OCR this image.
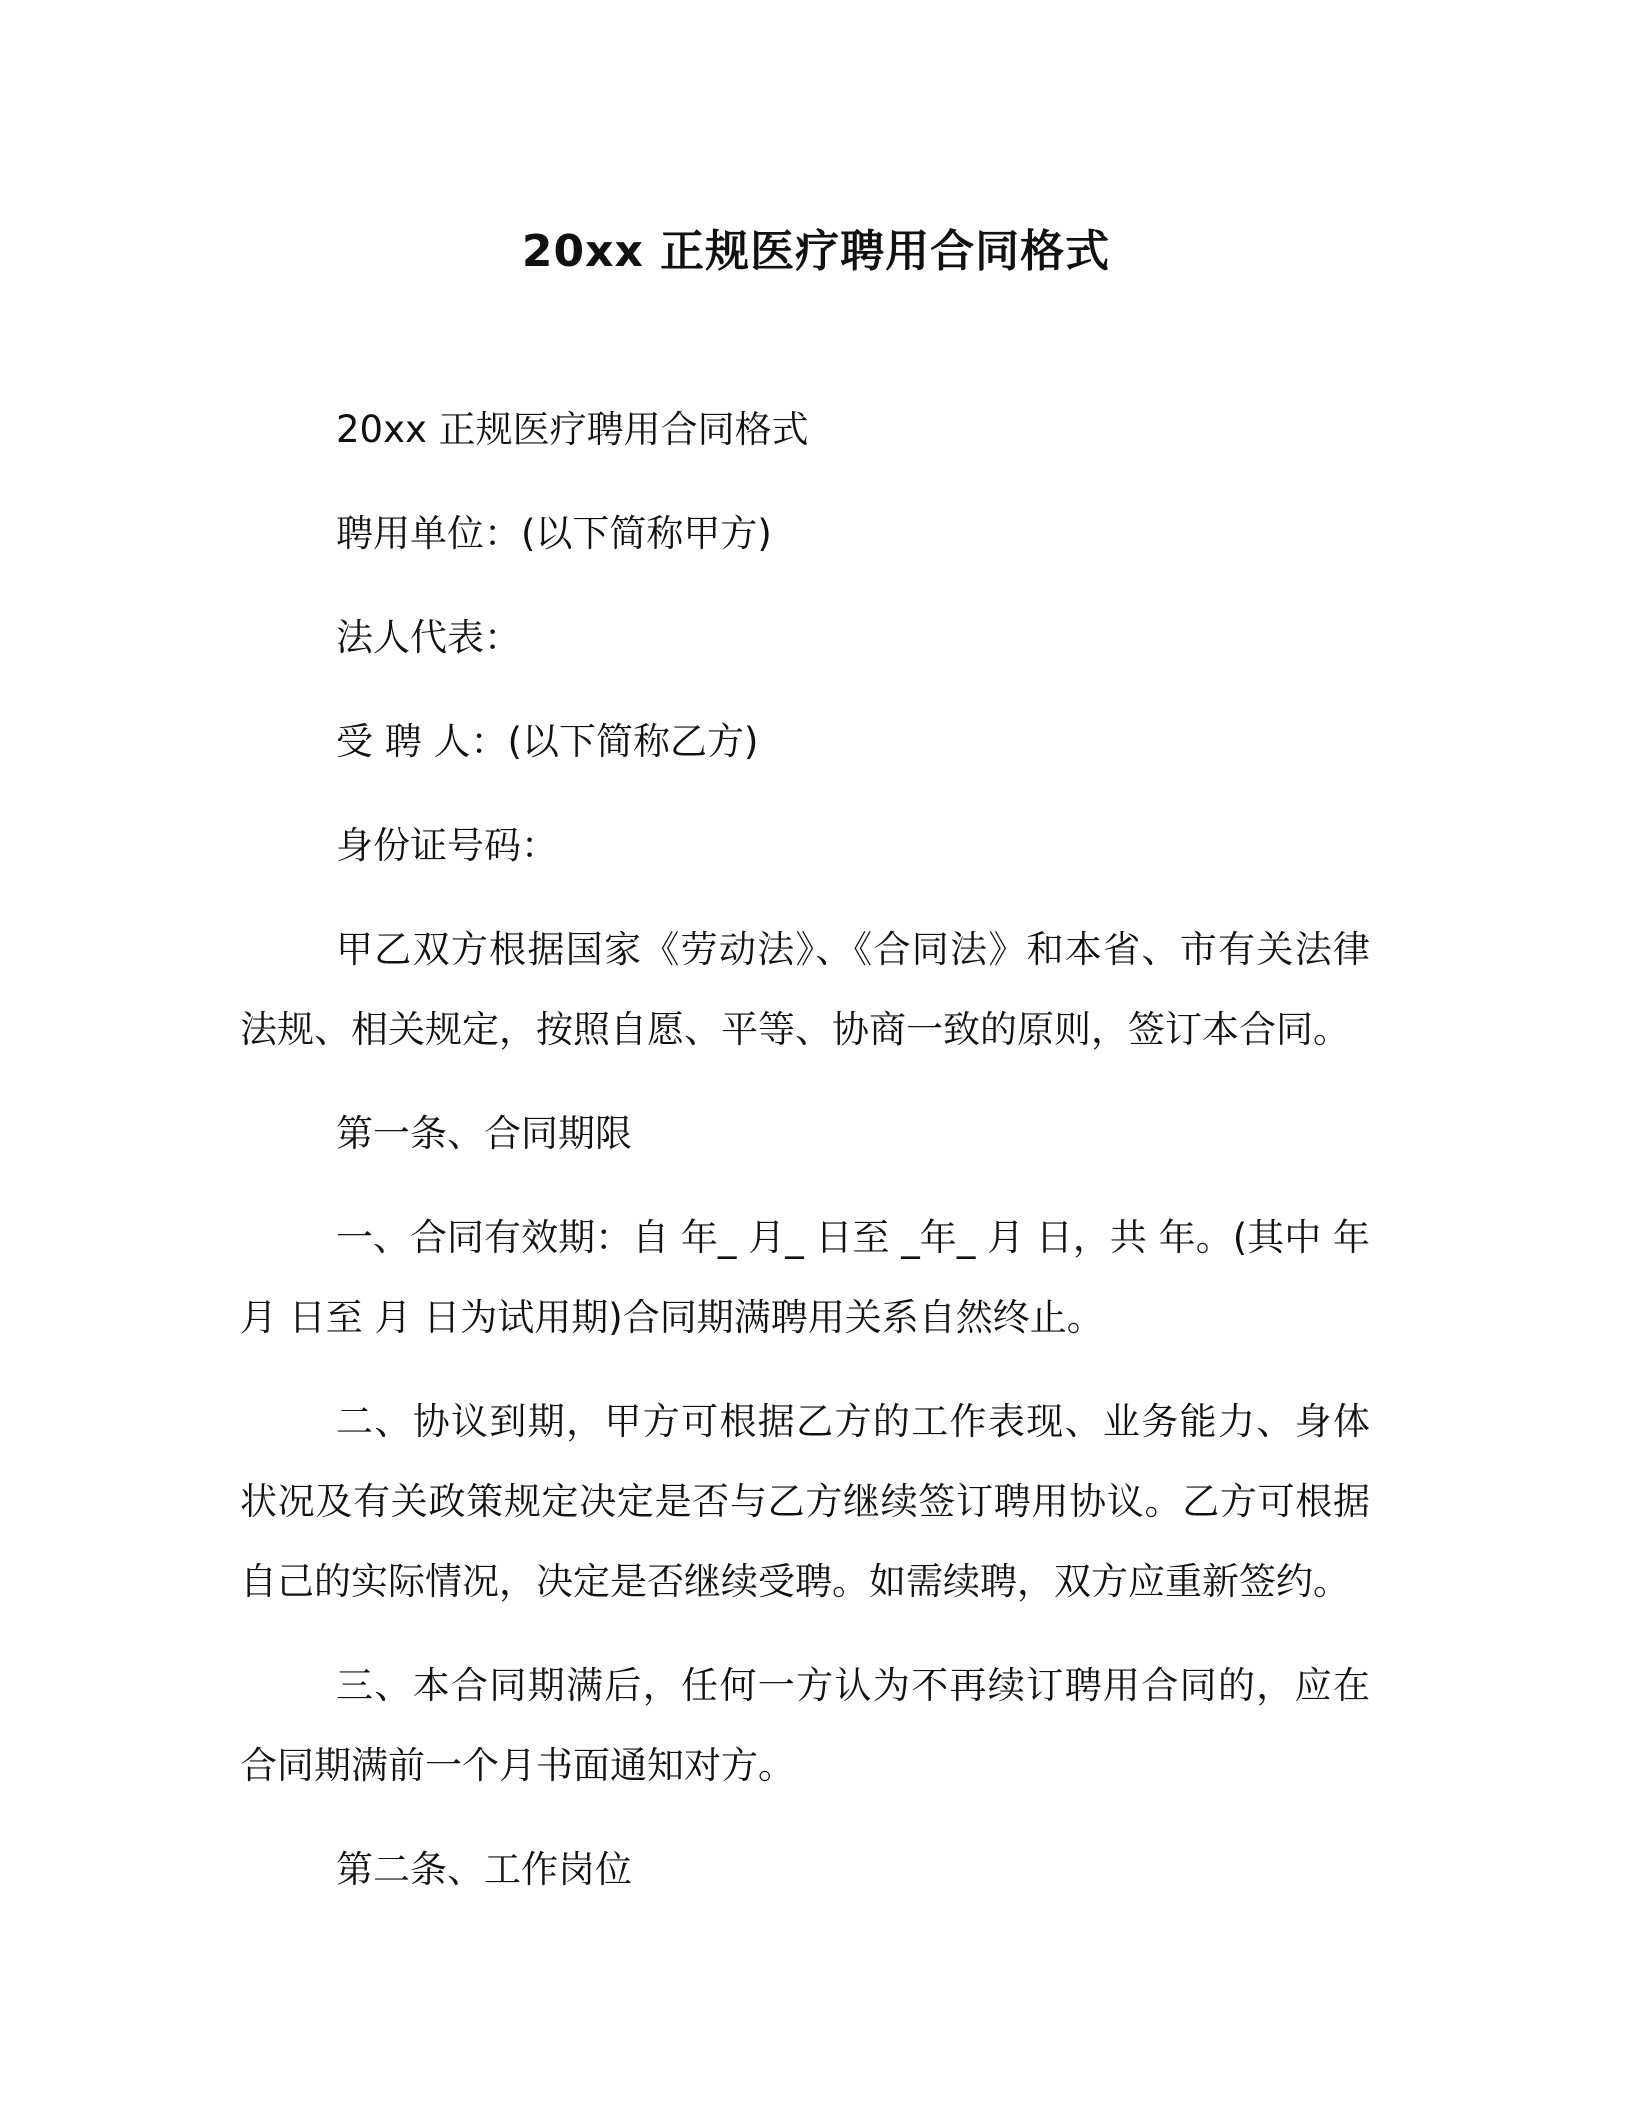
20xx 正规医疗聘用合同格式

20xx 正规医疗聘用合同格式

聘用单位：(以下简称甲方)

法人代表：

受 聘 人：(以下简称乙方)

身份证号码：

甲乙双方根据国家《劳动法》、《合同法》和本省、市有关法律法规、相关规定，按照自愿、平等、协商一致的原则，签订本合同。

第一条、合同期限

一、合同有效期：自 年_ 月_ 日至 _年_ 月 日，共 年。(其中 年月 日至 月 日为试用期)合同期满聘用关系自然终止。

二、协议到期，甲方可根据乙方的工作表现、业务能力、身体状况及有关政策规定决定是否与乙方继续签订聘用协议。乙方可根据自己的实际情况，决定是否继续受聘。如需续聘，双方应重新签约。

三、本合同期满后，任何一方认为不再续订聘用合同的，应在合同期满前一个月书面通知对方。

第二条、工作岗位
